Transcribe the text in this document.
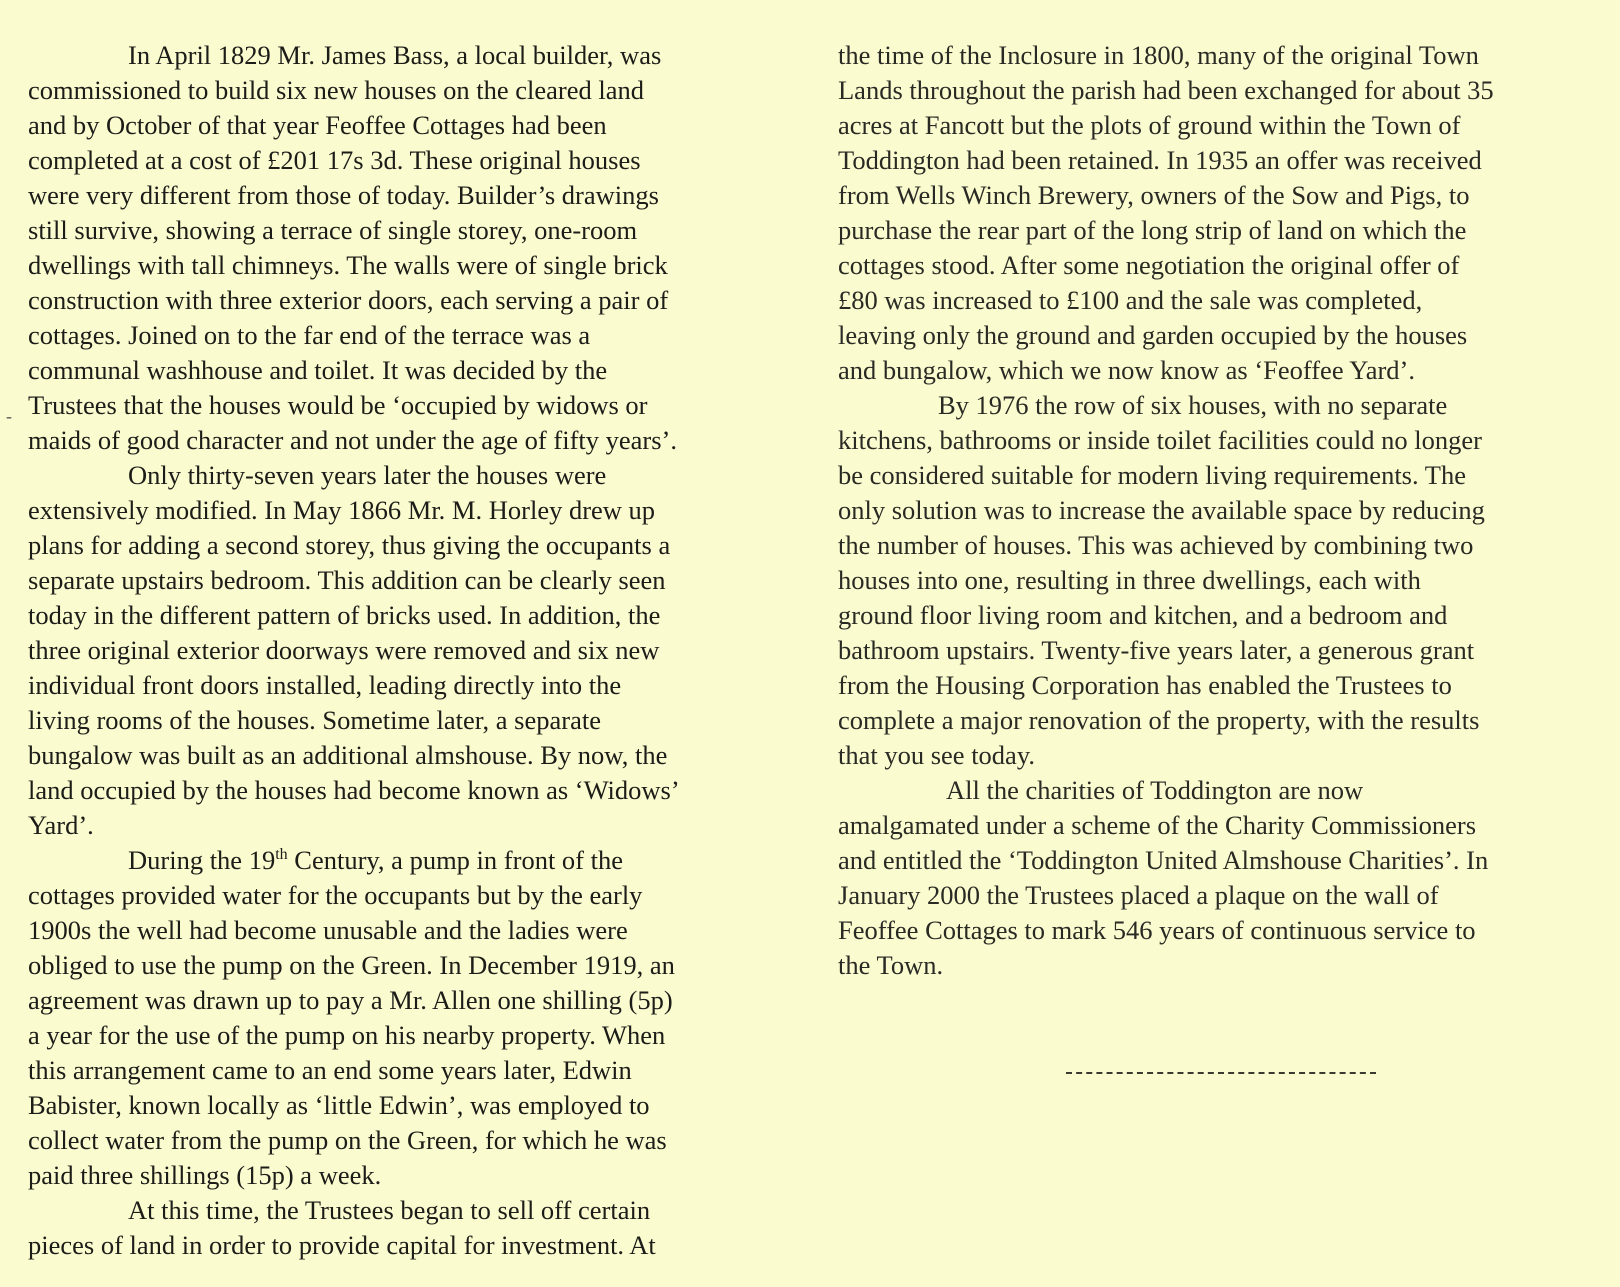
-
In April 1829 Mr. James Bass, a local builder, was
commissioned to build six new houses on the cleared land
and by October of that year Feoffee Cottages had been
completed at a cost of £201 17s 3d. These original houses
were very different from those of today. Builder’s drawings
still survive, showing a terrace of single storey, one-room
dwellings with tall chimneys. The walls were of single brick
construction with three exterior doors, each serving a pair of
cottages. Joined on to the far end of the terrace was a
communal washhouse and toilet. It was decided by the
Trustees that the houses would be ‘occupied by widows or
maids of good character and not under the age of fifty years’.
Only thirty-seven years later the houses were
extensively modified. In May 1866 Mr. M. Horley drew up
plans for adding a second storey, thus giving the occupants a
separate upstairs bedroom. This addition can be clearly seen
today in the different pattern of bricks used. In addition, the
three original exterior doorways were removed and six new
individual front doors installed, leading directly into the
living rooms of the houses. Sometime later, a separate
bungalow was built as an additional almshouse. By now, the
land occupied by the houses had become known as ‘Widows’
Yard’.
During the 19th Century, a pump in front of the
cottages provided water for the occupants but by the early
1900s the well had become unusable and the ladies were
obliged to use the pump on the Green. In December 1919, an
agreement was drawn up to pay a Mr. Allen one shilling (5p)
a year for the use of the pump on his nearby property. When
this arrangement came to an end some years later, Edwin
Babister, known locally as ‘little Edwin’, was employed to
collect water from the pump on the Green, for which he was
paid three shillings (15p) a week.
At this time, the Trustees began to sell off certain
pieces of land in order to provide capital for investment. At
the time of the Inclosure in 1800, many of the original Town
Lands throughout the parish had been exchanged for about 35
acres at Fancott but the plots of ground within the Town of
Toddington had been retained. In 1935 an offer was received
from Wells Winch Brewery, owners of the Sow and Pigs, to
purchase the rear part of the long strip of land on which the
cottages stood. After some negotiation the original offer of
£80 was increased to £100 and the sale was completed,
leaving only the ground and garden occupied by the houses
and bungalow, which we now know as ‘Feoffee Yard’.
By 1976 the row of six houses, with no separate
kitchens, bathrooms or inside toilet facilities could no longer
be considered suitable for modern living requirements. The
only solution was to increase the available space by reducing
the number of houses. This was achieved by combining two
houses into one, resulting in three dwellings, each with
ground floor living room and kitchen, and a bedroom and
bathroom upstairs. Twenty-five years later, a generous grant
from the Housing Corporation has enabled the Trustees to
complete a major renovation of the property, with the results
that you see today.
All the charities of Toddington are now
amalgamated under a scheme of the Charity Commissioners
and entitled the ‘Toddington United Almshouse Charities’. In
January 2000 the Trustees placed a plaque on the wall of
Feoffee Cottages to mark 546 years of continuous service to
the Town.
